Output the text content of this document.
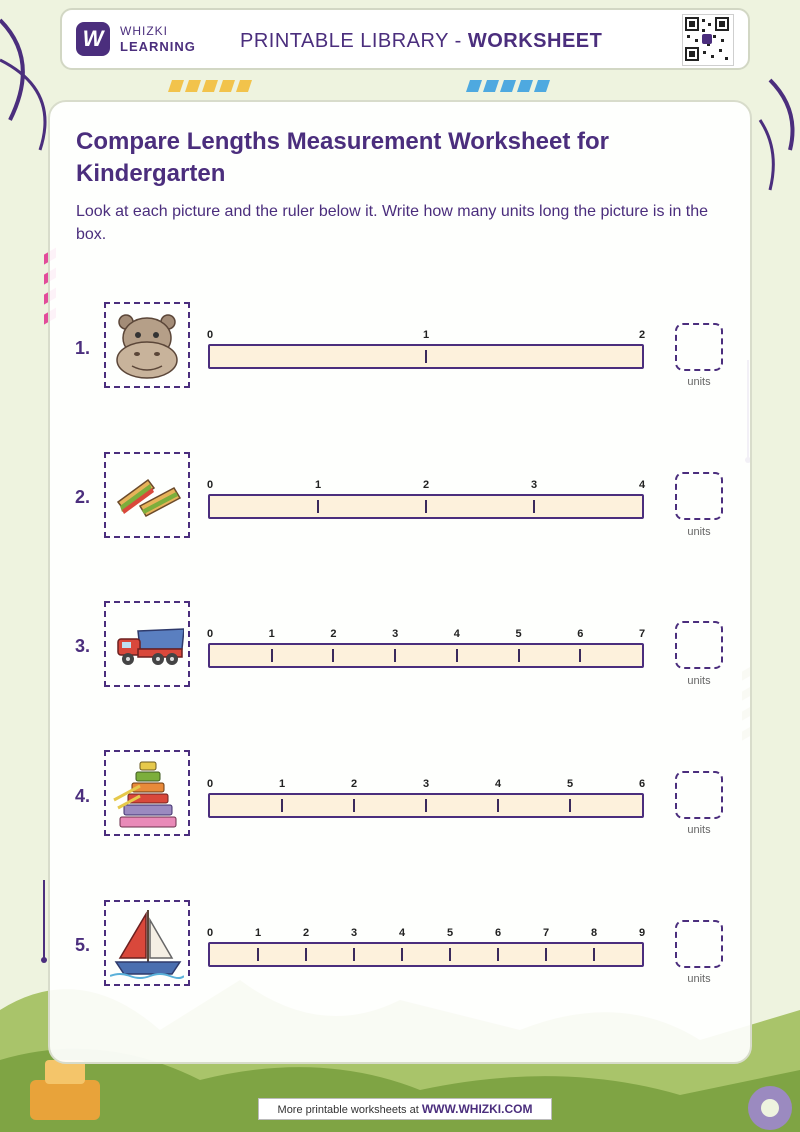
W	WHIZKI
LEARNING PRINTABLE LIBRARY - WORKSHEET
Compare Lengths Measurement Worksheet for Kindergarten

Look at each picture and the ruler below it. Write how many units long the picture is in the box.

1.
units
2.
units
3.
units
4.
units
5.
units
More printable worksheets at WWW.WHIZKI.COM
0	1	2
0	1	2	3	4
0	1	2	3	4	5	6	7
0	1	2	3	4	5	6
0	1	2	3	4	5	6	7	8	9
